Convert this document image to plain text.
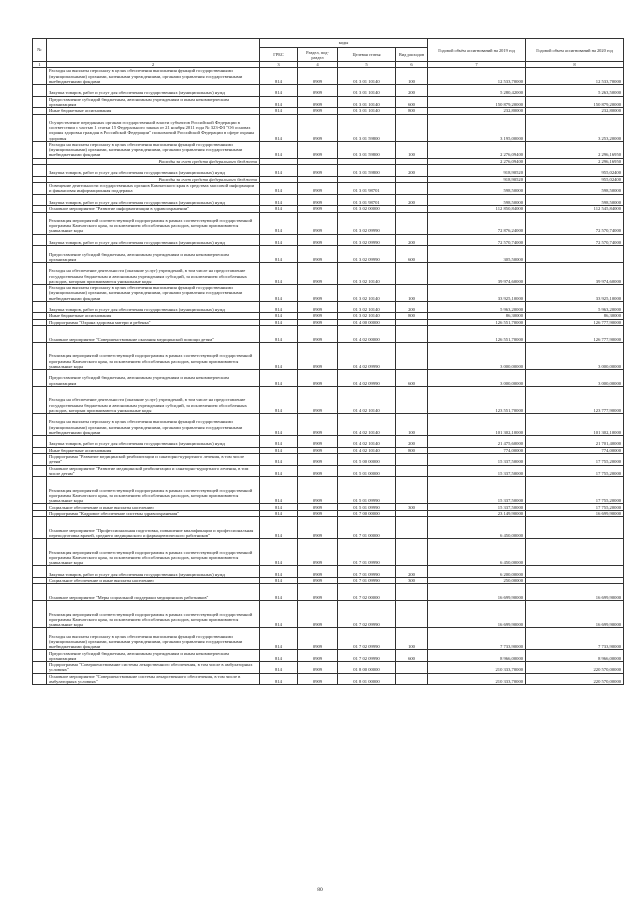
№		коды				Годовой объём ассигнований на 2019 год	Годовой объем ассигнований на 2020 год
		ГРБС	Раздел, под- раздел	Целевая статья	Вид расходов		
1	2	3	4	5	6	7	8
	Расходы на выплаты персоналу в целях обеспечения выполнения функций государственными (муниципальными) органами, казенными учреждениями, органами управления государственными внебюджетными фондами	814	0909	01 3 01 10140	100	12 533,70000	12 533,70000
	Закупка товаров, работ и услуг для обеспечения государственных (муниципальных) нужд	814	0909	01 3 01 10140	200	5 280,42000	5 263,50000
	Предоставление субсидий бюджетным, автономным учреждениям и иным некоммерческим организациям	814	0909	01 3 01 10140	600	150 879,20000	150 879,20000
	Иные бюджетные ассигнования	814	0909	01 3 01 10140	800	232,80000	232,80000
	Осуществление переданных органам государственной власти субъектов Российской Федерации в соответствии с частью 1 статьи 15 Федерального закона от 21 ноября 2011 года № 323-ФЗ "Об основах охраны здоровья граждан в Российской Федерации" полномочий Российской Федерации в сфере охраны здоровья	814	0909	01 3 01 59800		3 195,00000	3 253,20000
	Расходы на выплаты персоналу в целях обеспечения выполнения функций государственными (муниципальными) органами, казенными учреждениями, органами управления государственными внебюджетными фондами	814	0909	01 3 01 59800	100	2 276,09400	2 296,16950
	Расходы за счет средств федерального бюджета					2 276,09400	2 296,16950
	Закупка товаров, работ и услуг для обеспечения государственных (муниципальных) нужд	814	0909	01 3 01 59800	200	918,90520	955,02400
	Расходы за счет средств федерального бюджета					918,90520	955,02400
	Освещение деятельности государственных органов Камчатского края в средствах массовой информации и финансовая информационная поддержка	814	0909	01 3 01 98701		598,50000	598,50000
	Закупка товаров, работ и услуг для обеспечения государственных (муниципальных) нужд	814	0909	01 3 01 98701	200	598,50000	598,50000
	Основное мероприятие "Развитие информатизации в здравоохранении"	814	0909	01 3 02 00000		112 850,84000	112 545,84000
	Реализация мероприятий соответствующей подпрограммы в рамках соответствующей государственной программы Камчатского края, за исключением обособленных расходов, которым присваиваются уникальные коды	814	0909	01 3 02 09990		72 876,24000	72 570,74000
	Закупка товаров, работ и услуг для обеспечения государственных (муниципальных) нужд	814	0909	01 3 02 09990	200	72 570,74000	72 570,74000
	Предоставление субсидий бюджетным, автономным учреждениям и иным некоммерческим организациям	814	0909	01 3 02 09990	600	305,50000	
	Расходы на обеспечение деятельности (оказание услуг) учреждений, в том числе на предоставление государственным бюджетным и автономным учреждениям субсидий, за исключением обособленных расходов, которым присваиваются уникальные коды	814	0909	01 3 02 10140		39 974,60000	39 974,60000
	Расходы на выплаты персоналу в целях обеспечения выполнения функций государственными (муниципальными) органами, казенными учреждениями, органами управления государственными внебюджетными фондами	814	0909	01 3 02 10140	100	33 925,10000	33 925,10000
	Закупка товаров, работ и услуг для обеспечения государственных (муниципальных) нужд	814	0909	01 3 02 10140	200	5 963,20000	5 963,20000
	Иные бюджетные ассигнования	814	0909	01 3 02 10140	800	86,30000	86,30000
	Подпрограмма "Охрана здоровья матери и ребенка"	814	0909	01 4 00 00000		126 551,70000	126 777,90000
	Основное мероприятие "Совершенствование оказания медицинской помощи детям"	814	0909	01 4 02 00000		126 551,70000	126 777,90000
	Реализация мероприятий соответствующей подпрограммы в рамках соответствующей государственной программы Камчатского края, за исключением обособленных расходов, которым присваиваются уникальные коды	814	0909	01 4 02 09990		3 000,00000	3 000,00000
	Предоставление субсидий бюджетным, автономным учреждениям и иным некоммерческим организациям	814	0909	01 4 02 09990	600	3 000,00000	3 000,00000
	Расходы на обеспечение деятельности (оказание услуг) учреждений, в том числе на предоставление государственным бюджетным и автономным учреждениям субсидий, за исключением обособленных расходов, которым присваиваются уникальные коды	814	0909	01 4 02 10140		123 551,70000	123 777,90000
	Расходы на выплаты персоналу в целях обеспечения выполнения функций государственными (муниципальными) органами, казенными учреждениями, органами управления государственными внебюджетными фондами	814	0909	01 4 02 10140	100	101 302,10000	101 302,10000
	Закупка товаров, работ и услуг для обеспечения государственных (муниципальных) нужд	814	0909	01 4 02 10140	200	21 475,60000	21 701,40000
	Иные бюджетные ассигнования	814	0909	01 4 02 10140	800	774,00000	774,00000
	Подпрограмма "Развитие медицинской реабилитации и санаторно-курортного лечения, в том числе детям"	814	0909	01 5 00 00000		15 337,50000	17 755,20000
	Основное мероприятие "Развитие медицинской реабилитации и санаторно-курортного лечения, в том числе детям"	814	0909	01 5 01 00000		15 337,50000	17 755,20000
	Реализация мероприятий соответствующей подпрограммы в рамках соответствующей государственной программы Камчатского края, за исключением обособленных расходов, которым присваиваются уникальные коды	814	0909	01 5 01 09990		15 337,50000	17 755,20000
	Социальное обеспечение и иные выплаты населению	814	0909	01 5 01 09990	300	15 337,50000	17 755,20000
	Подпрограмма "Кадровое обеспечение системы здравоохранения"	814	0909	01 7 00 00000		23 149,90000	16 699,90000
	Основное мероприятие "Профессиональная подготовка, повышение квалификации и профессиональная переподготовка врачей, среднего медицинского и фармацевтического работников"	814	0909	01 7 01 00000		6 450,00000	
	Реализация мероприятий соответствующей подпрограммы в рамках соответствующей государственной программы Камчатского края, за исключением обособленных расходов, которым присваиваются уникальные коды	814	0909	01 7 01 09990		6 450,00000	
	Закупка товаров, работ и услуг для обеспечения государственных (муниципальных) нужд	814	0909	01 7 01 09990	200	6 200,00000	
	Социальное обеспечение и иные выплаты населению	814	0909	01 7 01 09990	300	250,00000	
	Основное мероприятие "Меры социальной поддержки медицинских работников"	814	0909	01 7 02 00000		16 699,90000	16 699,90000
	Реализация мероприятий соответствующей подпрограммы в рамках соответствующей государственной программы Камчатского края, за исключением обособленных расходов, которым присваиваются уникальные коды	814	0909	01 7 02 09990		16 699,90000	16 699,90000
	Расходы на выплаты персоналу в целях обеспечения выполнения функций государственными (муниципальными) органами, казенными учреждениями, органами управления государственными внебюджетными фондами	814	0909	01 7 02 09990	100	7 733,90000	7 733,90000
	Предоставление субсидий бюджетным, автономным учреждениям и иным некоммерческим организациям	814	0909	01 7 02 09990	600	8 966,00000	8 966,00000
	Подпрограмма "Совершенствование системы лекарственного обеспечения, в том числе в амбулаторных условиях"	814	0909	01 8 00 00000		210 333,70000	220 570,00000
	Основное мероприятие "Совершенствование системы лекарственного обеспечения, в том числе в амбулаторных условиях"	814	0909	01 8 01 00000		210 333,70000	220 570,00000
80
